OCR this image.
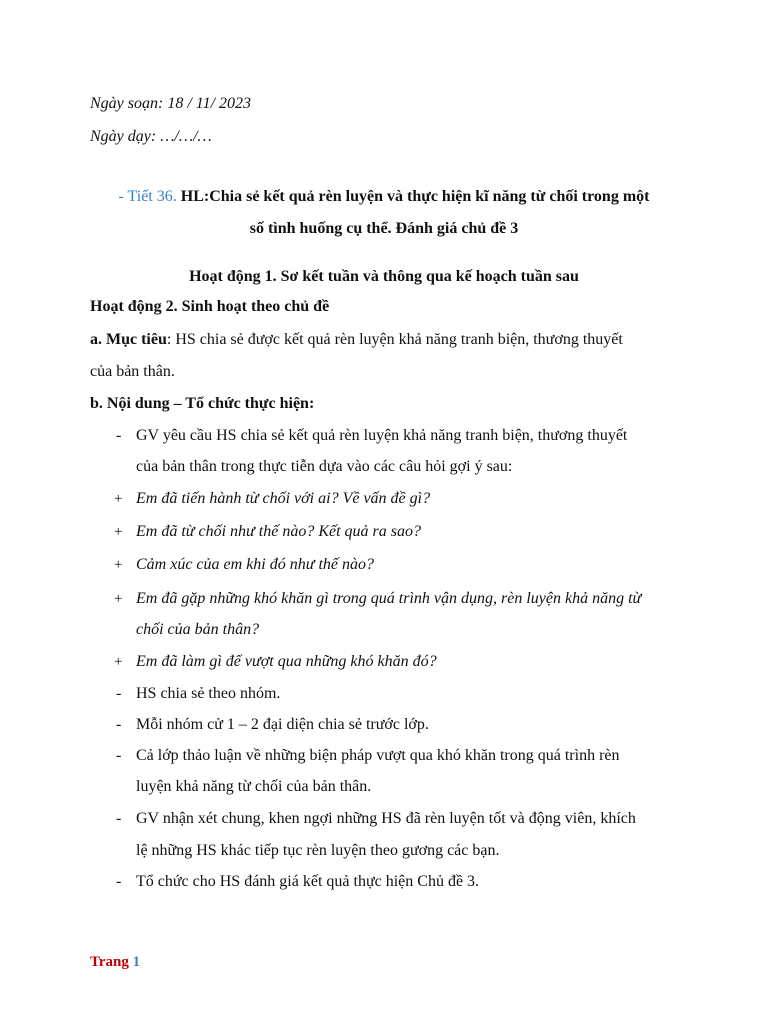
Ngày soạn: 18 / 11/ 2023
Ngày dạy: …/…/…
- Tiết 36. HL:Chia sẻ kết quả rèn luyện và thực hiện kĩ năng từ chối trong một
số tình huống cụ thể. Đánh giá chủ đề 3
Hoạt động 1. Sơ kết tuần và thông qua kế hoạch tuần sau
Hoạt động 2. Sinh hoạt theo chủ đề
a. Mục tiêu: HS chia sẻ được kết quả rèn luyện khả năng tranh biện, thương thuyết
của bản thân.
b. Nội dung – Tổ chức thực hiện:
- GV yêu cầu HS chia sẻ kết quả rèn luyện khả năng tranh biện, thương thuyết
của bản thân trong thực tiễn dựa vào các câu hỏi gợi ý sau:
+ Em đã tiến hành từ chối với ai? Về vấn đề gì?
+ Em đã từ chối như thế nào? Kết quả ra sao?
+ Cảm xúc của em khi đó như thế nào?
+ Em đã gặp những khó khăn gì trong quá trình vận dụng, rèn luyện khả năng từ
chối của bản thân?
+ Em đã làm gì để vượt qua những khó khăn đó?
- HS chia sẻ theo nhóm.
- Mỗi nhóm cử 1 – 2 đại diện chia sẻ trước lớp.
- Cả lớp thảo luận về những biện pháp vượt qua khó khăn trong quá trình rèn
luyện khả năng từ chối của bản thân.
- GV nhận xét chung, khen ngợi những HS đã rèn luyện tốt và động viên, khích
lệ những HS khác tiếp tục rèn luyện theo gương các bạn.
- Tổ chức cho HS đánh giá kết quả thực hiện Chủ đề 3.
Trang 1
